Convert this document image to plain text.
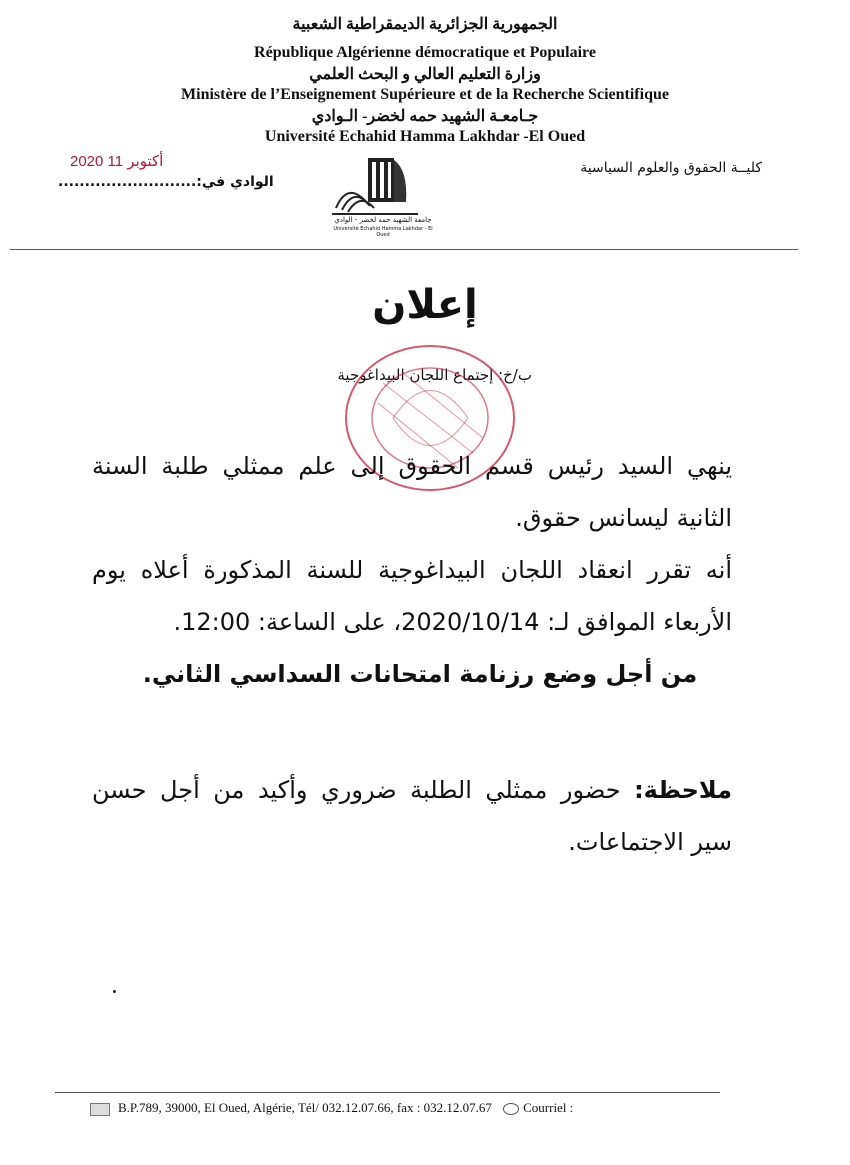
الجمهورية الجزائرية الديمقراطية الشعبية
République Algérienne démocratique et Populaire
وزارة التعليم العالي و البحث العلمي
Ministère de l’Enseignement Supérieure et de la Recherche Scientifique
جـامعـة الشهيد حمه لخضر- الـوادي
Université Echahid Hamma Lakhdar -El Oued
2020 أكتوبر 11
الوادي في:..........................
كليــة الحقوق والعلوم السياسية
جامعة الشهيد حمه لخضر - الوادي
Université Echahid Hamma Lakhdar - El Oued
إعلان
ب/خ: إجتماع اللجان البيداغوجية
ينهي السيد رئيس قسم الحقوق إلى علم ممثلي طلبة السنة الثانية ليسانس حقوق.
أنه تقرر انعقاد اللجان البيداغوجية للسنة المذكورة أعلاه يوم الأربعاء الموافق لـ: 2020/10/14، على الساعة: 12:00.
من أجل وضع رزنامة امتحانات السداسي الثاني.
ملاحظة: حضور ممثلي الطلبة ضروري وأكيد من أجل حسن سير الاجتماعات.
B.P.789, 39000, El Oued, Algérie, Tél/ 032.12.07.66, fax : 032.12.07.67 Courriel :
